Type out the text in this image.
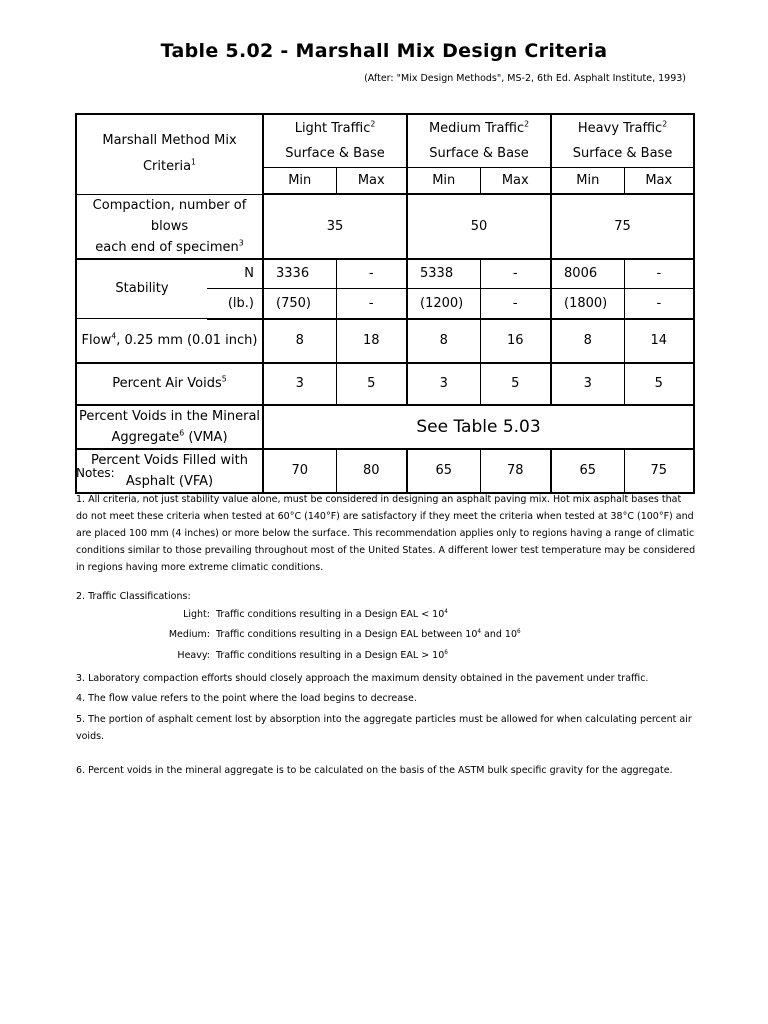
Table 5.02 - Marshall Mix Design Criteria
(After: "Mix Design Methods", MS-2, 6th Ed. Asphalt Institute, 1993)
Marshall Method Mix
Criteria$^1$		Light Traffic$^2$		Medium Traffic$^2$		Heavy Traffic$^2$
		Surface & Base		Surface & Base		Surface & Base	
		Min	Max	Min	Max	Min	Max
Compaction, number of blows
each end of specimen$^3$		35		50		75	
Stability	N	3336	-	5338	-	8006	-
	(lb.)	(750)	-	(1200)	-	(1800)	-
Flow$^4$, 0.25 mm (0.01 inch)		8	18	8	16	8	14
Percent Air Voids$^5$		3	5	3	5	3	5
Percent Voids in the Mineral
Aggregate$^6$ (VMA)		See Table 5.03					
Percent Voids Filled with
Asphalt (VFA)		70	80	65	78	65	75
Notes:
1. All criteria, not just stability value alone, must be considered in designing an asphalt paving mix. Hot mix asphalt bases that do not meet these criteria when tested at 60°C (140°F) are satisfactory if they meet the criteria when tested at 38°C (100°F) and are placed 100 mm (4 inches) or more below the surface. This recommendation applies only to regions having a range of climatic conditions similar to those prevailing throughout most of the United States. A different lower test temperature may be considered in regions having more extreme climatic conditions.
2. Traffic Classifications:
Light: Traffic conditions resulting in a Design EAL < $10^4$
Medium: Traffic conditions resulting in a Design EAL between $10^4$ and $10^6$
Heavy: Traffic conditions resulting in a Design EAL > $10^6$
3. Laboratory compaction efforts should closely approach the maximum density obtained in the pavement under traffic.
4. The flow value refers to the point where the load begins to decrease.
5. The portion of asphalt cement lost by absorption into the aggregate particles must be allowed for when calculating percent air voids.
6. Percent voids in the mineral aggregate is to be calculated on the basis of the ASTM bulk specific gravity for the aggregate.
